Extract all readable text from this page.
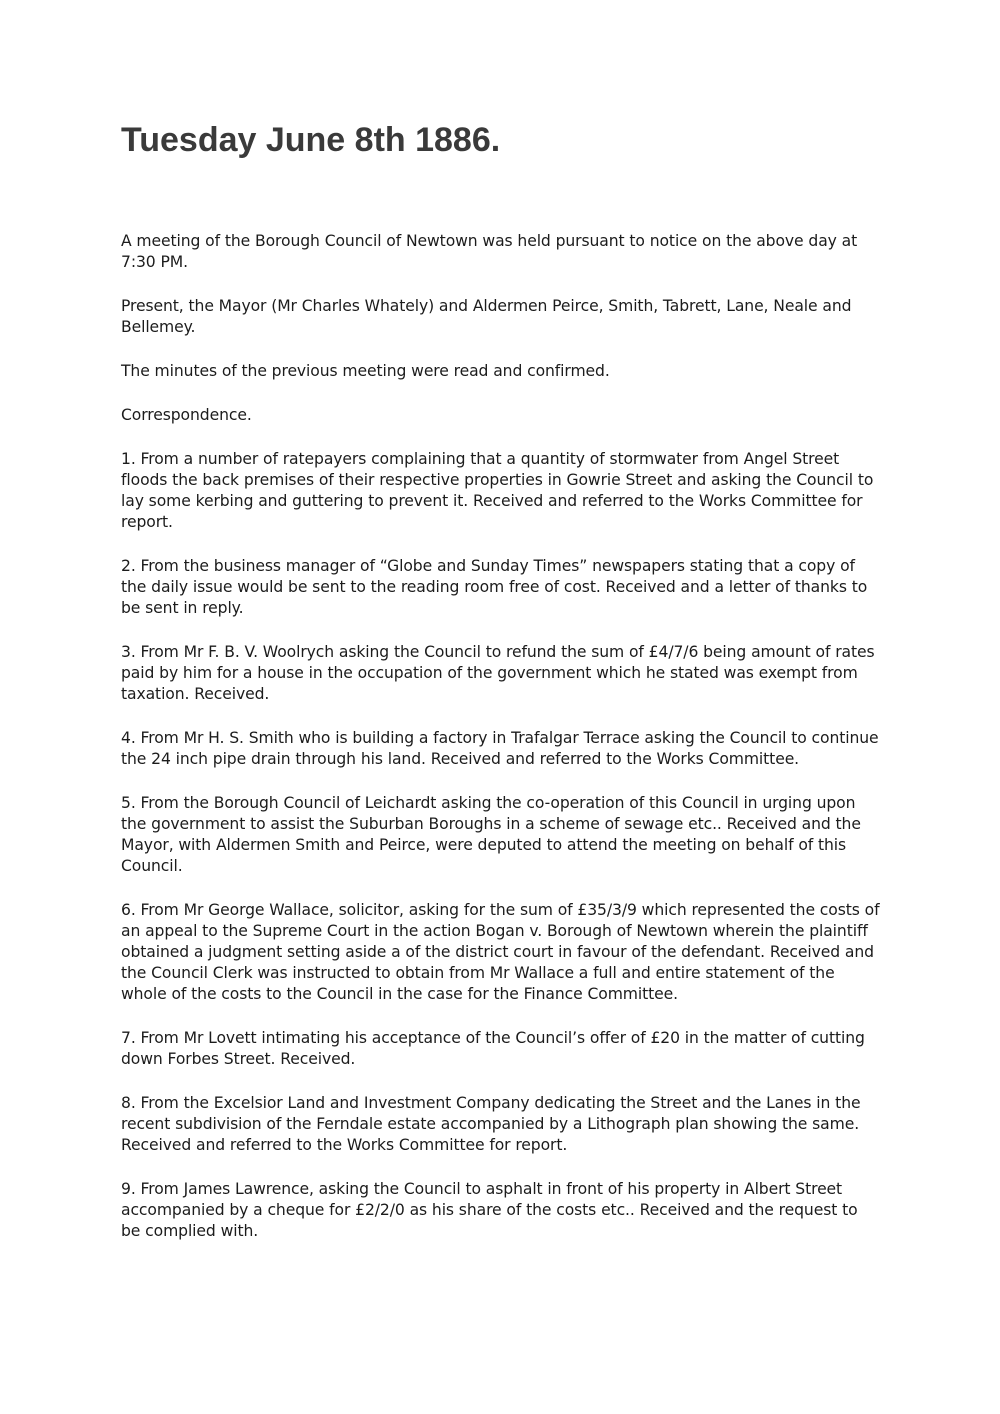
Tuesday June 8th 1886.

A meeting of the Borough Council of Newtown was held pursuant to notice on the above day at 7:30 PM.

Present, the Mayor (Mr Charles Whately) and Aldermen Peirce, Smith, Tabrett, Lane, Neale and Bellemey.

The minutes of the previous meeting were read and confirmed.

Correspondence.

1. From a number of ratepayers complaining that a quantity of stormwater from Angel Street floods the back premises of their respective properties in Gowrie Street and asking the Council to lay some kerbing and guttering to prevent it. Received and referred to the Works Committee for report.

2. From the business manager of “Globe and Sunday Times” newspapers stating that a copy of the daily issue would be sent to the reading room free of cost. Received and a letter of thanks to be sent in reply.

3. From Mr F. B. V. Woolrych asking the Council to refund the sum of £4/7/6 being amount of rates paid by him for a house in the occupation of the government which he stated was exempt from taxation. Received.

4. From Mr H. S. Smith who is building a factory in Trafalgar Terrace asking the Council to continue the 24 inch pipe drain through his land. Received and referred to the Works Committee.

5. From the Borough Council of Leichardt asking the co-operation of this Council in urging upon the government to assist the Suburban Boroughs in a scheme of sewage etc.. Received and the Mayor, with Aldermen Smith and Peirce, were deputed to attend the meeting on behalf of this Council.

6. From Mr George Wallace, solicitor, asking for the sum of £35/3/9 which represented the costs of an appeal to the Supreme Court in the action Bogan v. Borough of Newtown wherein the plaintiff obtained a judgment setting aside a of the district court in favour of the defendant. Received and the Council Clerk was instructed to obtain from Mr Wallace a full and entire statement of the whole of the costs to the Council in the case for the Finance Committee.

7. From Mr Lovett intimating his acceptance of the Council’s offer of £20 in the matter of cutting down Forbes Street. Received.

8. From the Excelsior Land and Investment Company dedicating the Street and the Lanes in the recent subdivision of the Ferndale estate accompanied by a Lithograph plan showing the same. Received and referred to the Works Committee for report.

9. From James Lawrence, asking the Council to asphalt in front of his property in Albert Street accompanied by a cheque for £2/2/0 as his share of the costs etc.. Received and the request to be complied with.
